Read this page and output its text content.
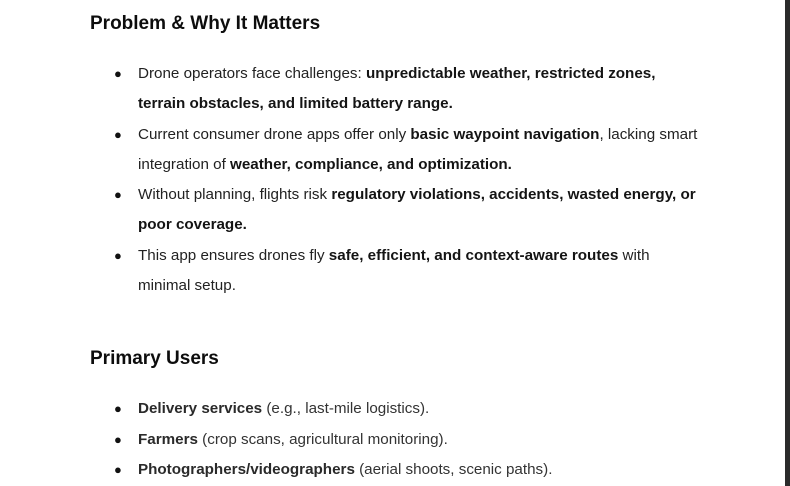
Problem & Why It Matters
● Drone operators face challenges: unpredictable weather, restricted zones, terrain obstacles, and limited battery range.
● Current consumer drone apps offer only basic waypoint navigation, lacking smart integration of weather, compliance, and optimization.
● Without planning, flights risk regulatory violations, accidents, wasted energy, or poor coverage.
● This app ensures drones fly safe, efficient, and context-aware routes with minimal setup.
Primary Users
● Delivery services (e.g., last-mile logistics).
● Farmers (crop scans, agricultural monitoring).
● Photographers/videographers (aerial shoots, scenic paths).
